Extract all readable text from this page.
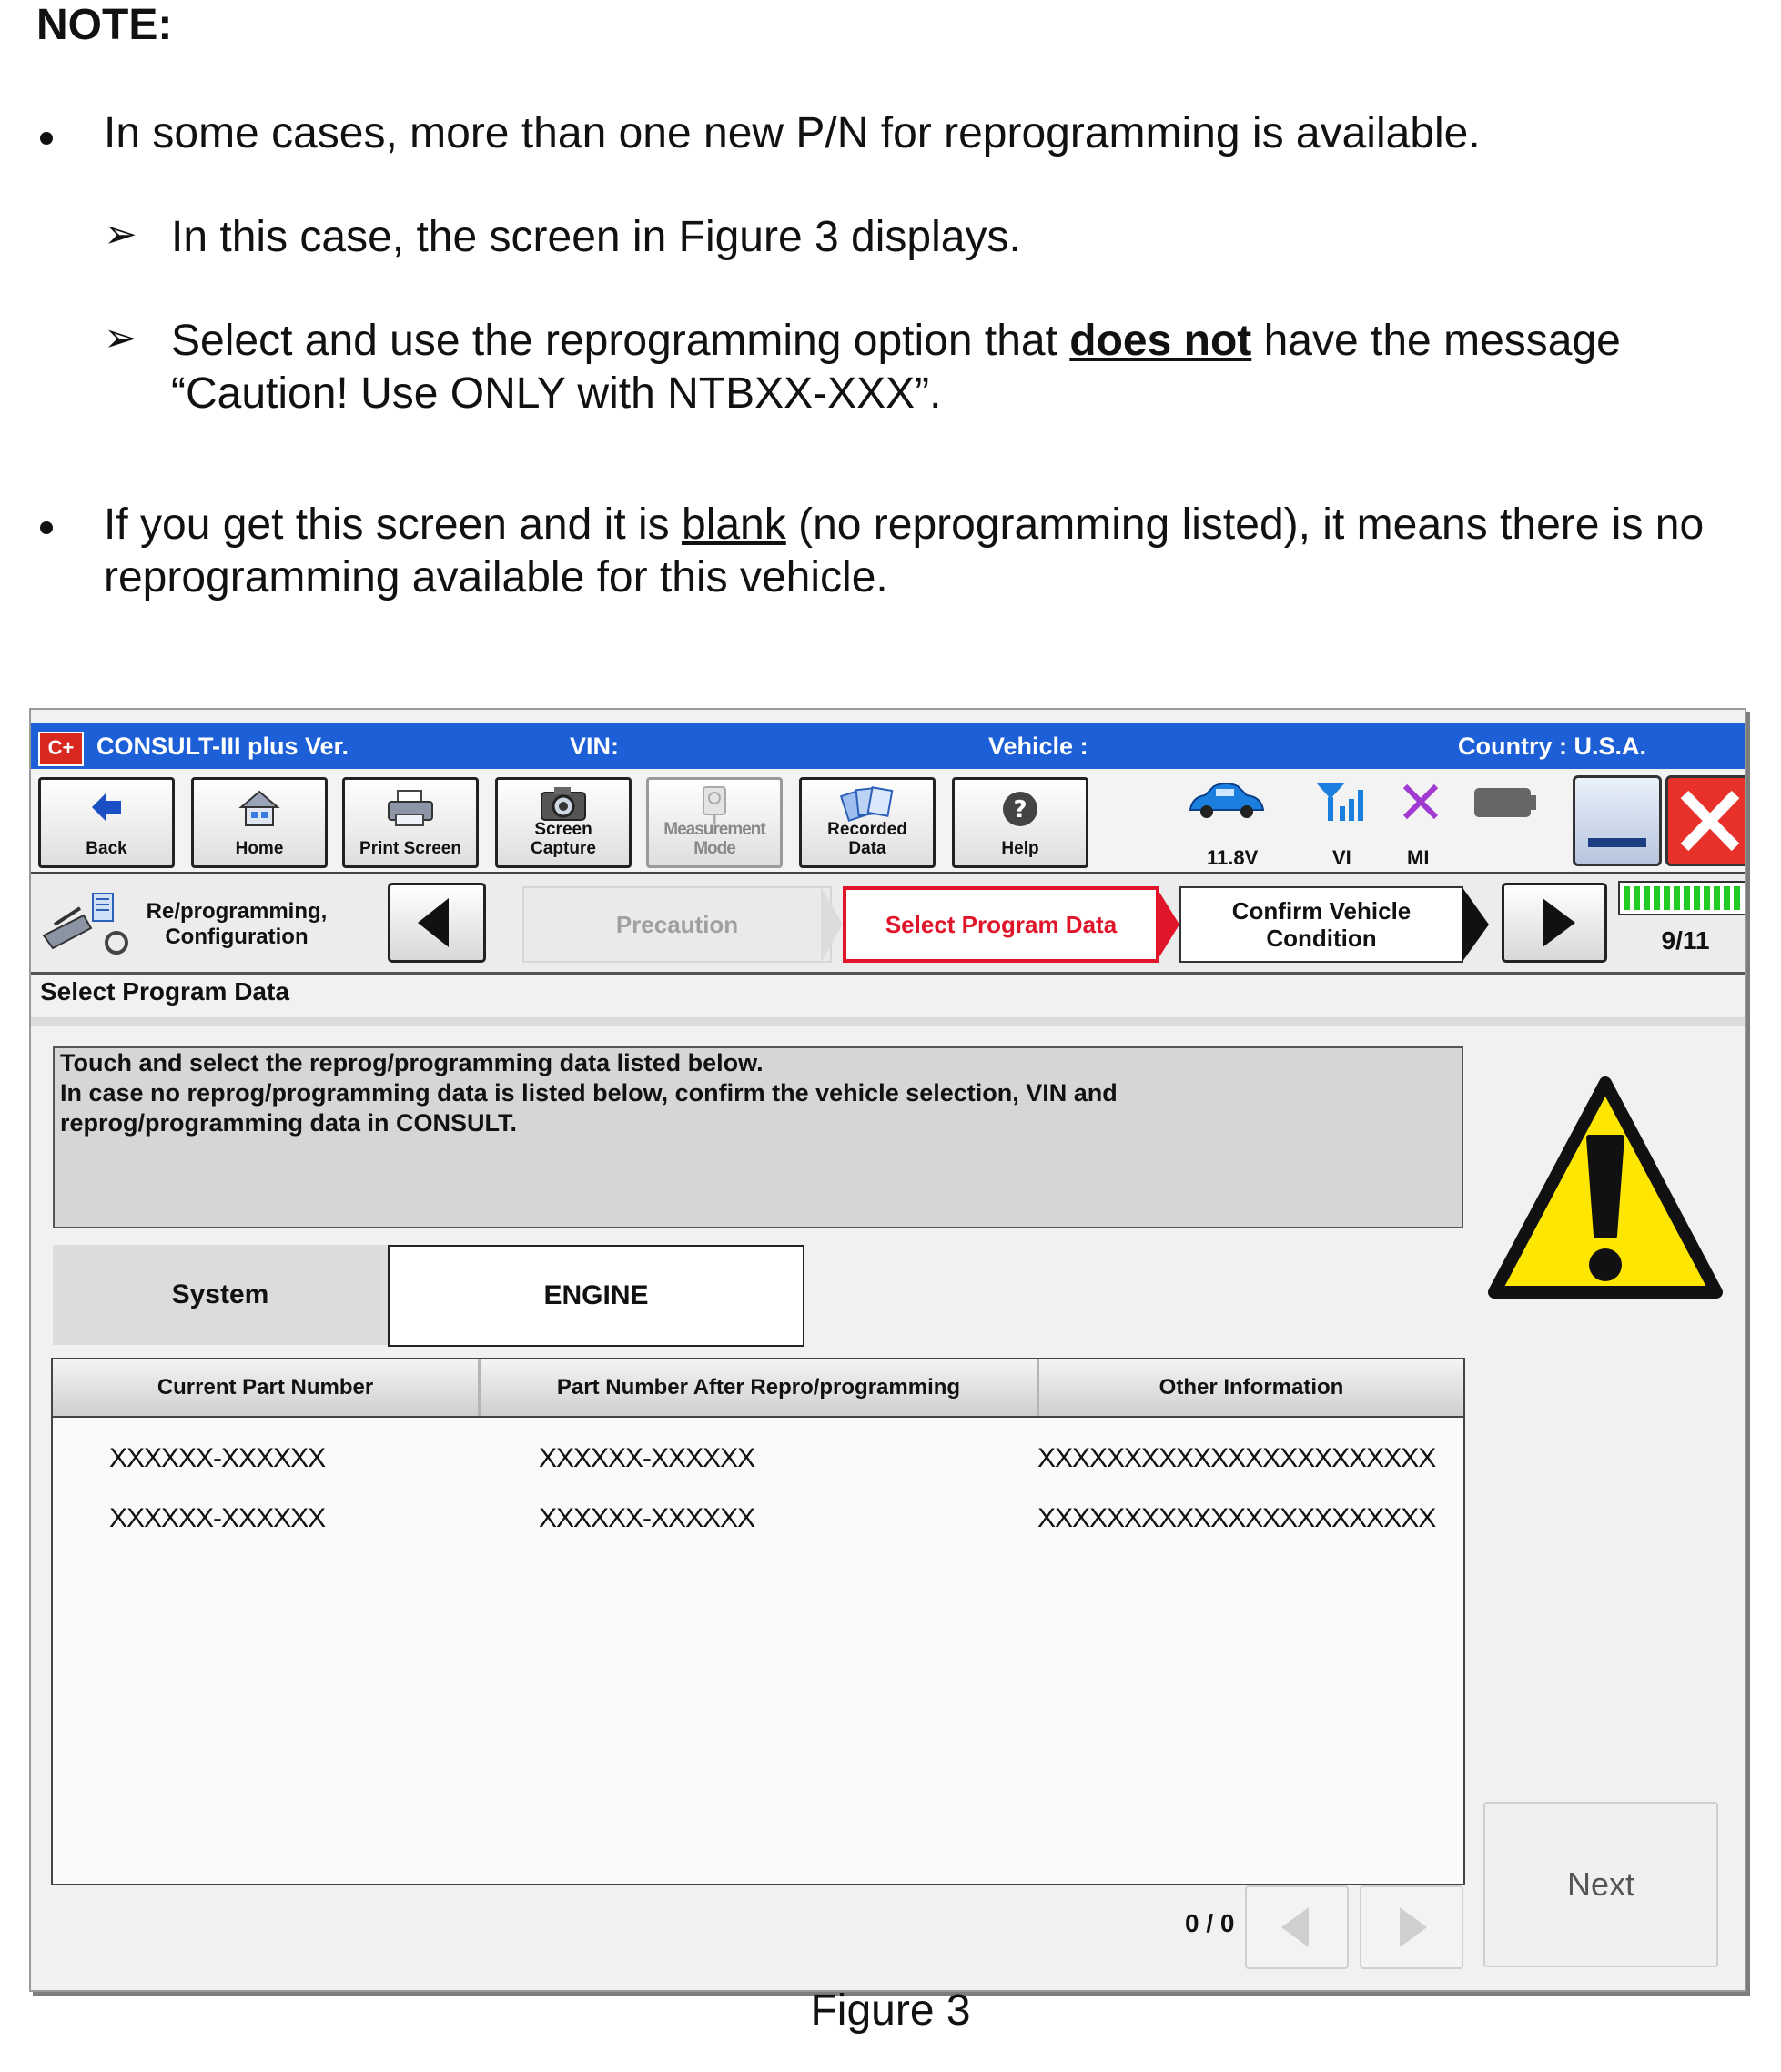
NOTE:
In some cases, more than one new P/N for reprogramming is available.
➢ In this case, the screen in Figure 3 displays.
➢ Select and use the reprogramming option that does not have the message
“Caution! Use ONLY with NTBXX-XXX”.
If you get this screen and it is blank (no reprogramming listed), it means there is no
reprogramming available for this vehicle.
C+ CONSULT-III plus Ver.	VIN:	Vehicle :	Country : U.S.A.
Back	Home	Print Screen
Screen
Capture
Measurement
Mode
Recorded
Data
?
Help	11.8V	VI	MI
Re/programming,
Configuration	Precaution	Select Program Data	Confirm Vehicle
Condition	9/11
Select Program Data
Touch and select the reprog/programming data listed below.
In case no reprog/programming data is listed below, confirm the vehicle selection, VIN and
reprog/programming data in CONSULT.
System	ENGINE
Current Part Number	Part Number After Repro/programming	Other Information
XXXXXX-XXXXXX	XXXXXX-XXXXXX	XXXXXXXXXXXXXXXXXXXXXXX
XXXXXX-XXXXXX	XXXXXX-XXXXXX	XXXXXXXXXXXXXXXXXXXXXXX
0 / 0
Next
Figure 3
